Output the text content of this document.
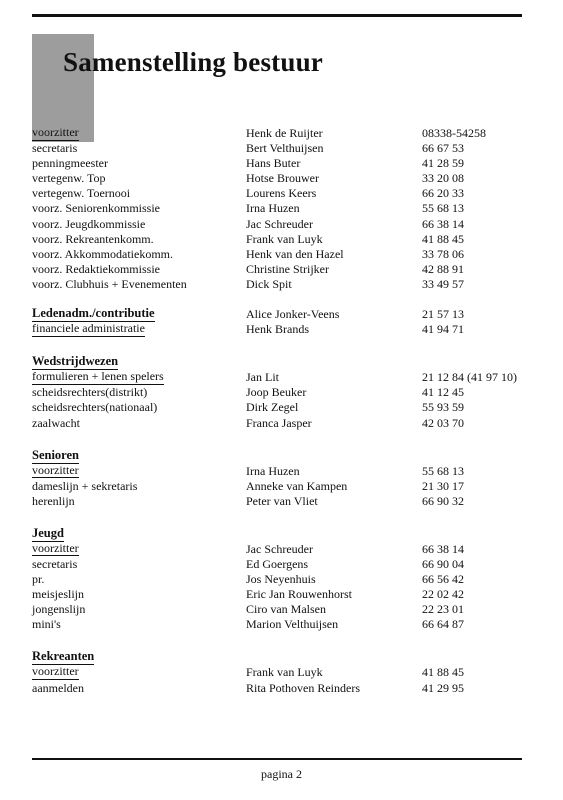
Samenstelling bestuur
voorzitter	Henk de Ruijter	08338-54258
secretaris	Bert Velthuijsen	66 67 53
penningmeester	Hans Buter	41 28 59
vertegenw. Top	Hotse Brouwer	33 20 08
vertegenw. Toernooi	Lourens Keers	66 20 33
voorz. Seniorenkommissie	Irna Huzen	55 68 13
voorz. Jeugdkommissie	Jac Schreuder	66 38 14
voorz. Rekreantenkomm.	Frank van Luyk	41 88 45
voorz. Akkommodatiekomm.	Henk van den Hazel	33 78 06
voorz. Redaktiekommissie	Christine Strijker	42 88 91
voorz. Clubhuis + Evenementen	Dick Spit	33 49 57
Ledenadm./contributie	Alice Jonker-Veens	21 57 13
financiele administratie	Henk Brands	41 94 71
Wedstrijdwezen
formulieren + lenen spelers	Jan Lit	21 12 84 (41 97 10)
scheidsrechters(distrikt)	Joop Beuker	41 12 45
scheidsrechters(nationaal)	Dirk Zegel	55 93 59
zaalwacht	Franca Jasper	42 03 70
Senioren
voorzitter	Irna Huzen	55 68 13
dameslijn + sekretaris	Anneke van Kampen	21 30 17
herenlijn	Peter van Vliet	66 90 32
Jeugd
voorzitter	Jac Schreuder	66 38 14
secretaris	Ed Goergens	66 90 04
pr.	Jos Neyenhuis	66 56 42
meisjeslijn	Eric Jan Rouwenhorst	22 02 42
jongenslijn	Ciro van Malsen	22 23 01
mini's	Marion Velthuijsen	66 64 87
Rekreanten
voorzitter	Frank van Luyk	41 88 45
aanmelden	Rita Pothoven Reinders	41 29 95
pagina 2
